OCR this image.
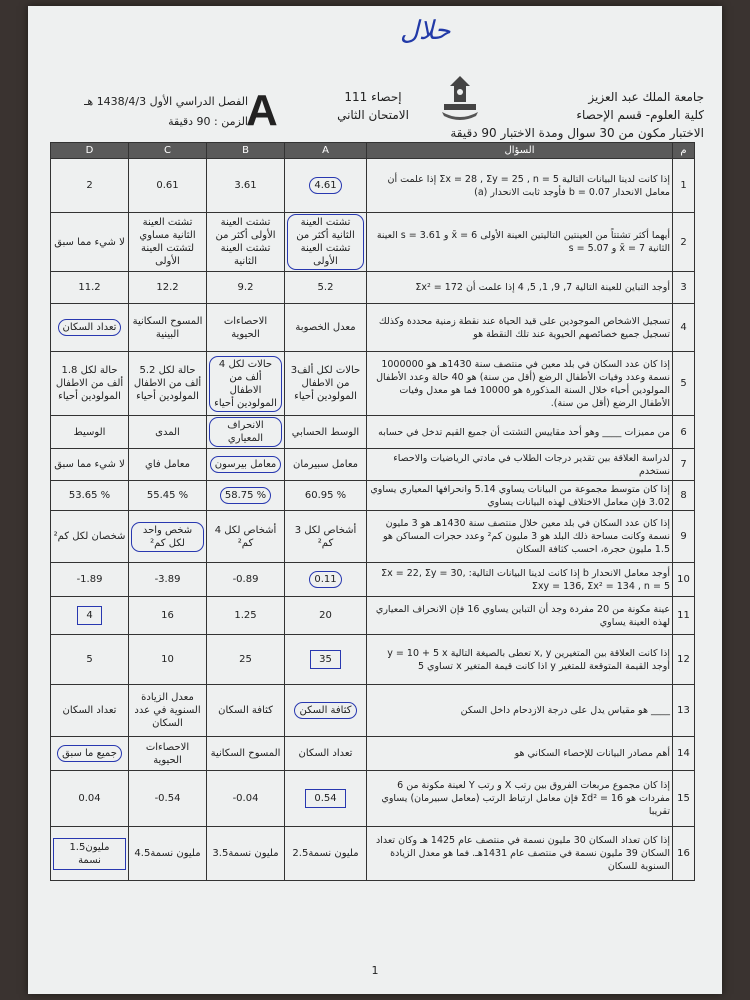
حلال
جامعة الملك عبد العزيز
كلية العلوم- قسم الإحصاء
الاختبار مكون من 30 سوال ومدة الاختبار 90 دقيقة
إحصاء 111
الامتحان الثاني
A
الفصل الدراسي الأول 1438/4/3 هـ
الزمن : 90 دقيقة
1
D	C	B	A	السؤال	م
2	0.61	3.61	4.61	إذا كانت لدينا البيانات التالية Σx = 28 , Σy = 25 , n = 5 إذا علمت أن معامل الانحدار b = 0.07 فأوجد ثابت الانحدار (a)	1
لا شيء مما سبق	تشتت العينة الثانية مساوي لتشتت العينة الأولى	تشتت العينة الأولى أكثر من تشتت العينة الثانية	تشتت العينة الثانية أكثر من تشتت العينة الأولى	أيهما أكثر تشتتاً من العينتين التاليتين العينة الأولى x̄ = 6 و s = 3.61 العينة الثانية x̄ = 7 و s = 5.07	2
11.2	12.2	9.2	5.2	أوجد التباين للعينة التالية 7, 9, 1, 5, 4 إذا علمت أن Σx² = 172	3
تعداد السكان	المسوح السكانية البينية	الاحصاءات الحيوية	معدل الخصوبة	تسجيل الاشخاص الموجودين على قيد الحياة عند نقطة زمنية محددة وكذلك تسجيل جميع خصائصهم الحيوية عند تلك النقطة هو	4
1.8 حالة لكل ألف من الاطفال المولودين أحياء	5.2 حالة لكل ألف من الاطفال المولودين أحياء	4 حالات لكل ألف من الاطفال المولودين أحياء	3حالات لكل ألف من الاطفال المولودين أحياء	إذا كان عدد السكان في بلد معين في منتصف سنة 1430هـ هو 1000000 نسمة وعدد وفيات الأطفال الرضع (أقل من سنة) هو 40 حالة وعدد الأطفال المولودين أحياء خلال السنة المذكورة هو 10000 فما هو معدل وفيات الأطفال الرضع (أقل من سنة).	5
الوسيط	المدى	الانحراف المعياري	الوسط الحسابي	من مميزات ____ وهو أحد مقاييس التشتت أن جميع القيم تدخل في حسابه	6
لا شيء مما سبق	معامل فاي	معامل بيرسون	معامل سبيرمان	لدراسة العلاقة بين تقدير درجات الطلاب في مادتي الرياضيات والاحصاء نستخدم	7
53.65 %	55.45 %	58.75 %	60.95 %	إذا كان متوسط مجموعة من البيانات يساوي 5.14 وانحرافها المعياري يساوي 3.02 فإن معامل الاختلاف لهذه البيانات يساوي	8
شخصان لكل كم²	شخص واحد لكل كم²	4 أشخاص لكل كم²	3 أشخاص لكل كم²	إذا كان عدد السكان في بلد معين خلال منتصف سنة 1430هـ هو 3 مليون نسمة وكانت مساحة ذلك البلد هو 3 مليون كم² وعدد حجرات المساكن هو 1.5 مليون حجرة، احسب كثافة السكان	9
-1.89	-3.89	-0.89	0.11	أوجد معامل الانحدار b إذا كانت لدينا البيانات التالية: Σx = 22, Σy = 30, Σxy = 136, Σx² = 134 , n = 5	10
4	16	1.25	20	عينة مكونة من 20 مفردة وجد أن التباين يساوي 16 فإن الانحراف المعياري لهذه العينة يساوي	11
5	10	25	35	إذا كانت العلاقة بين المتغيرين x, y تعطى بالصيغة التالية y = 10 + 5 x أوجد القيمة المتوقعة للمتغير y اذا كانت قيمة المتغير x تساوي 5	12
تعداد السكان	معدل الزيادة السنوية في عدد السكان	كثافة السكان	كثافة السكن	____ هو مقياس يدل على درجة الازدحام داخل السكن	13
جميع ما سبق	الاحصاءات الحيوية	المسوح السكانية	تعداد السكان	أهم مصادر البيانات للإحصاء السكاني هو	14
0.04	-0.54	-0.04	0.54	إذا كان مجموع مربعات الفروق بين رتب X و رتب Y لعينة مكونة من 6 مفردات هو Σd² = 16 فإن معامل ارتباط الرتب (معامل سبيرمان) يساوي تقريبا	15
1.5مليون نسمة	4.5مليون نسمة	3.5مليون نسمة	2.5مليون نسمة	إذا كان تعداد السكان 30 مليون نسمة في منتصف عام 1425 هـ وكان تعداد السكان 39 مليون نسمة في منتصف عام 1431هـ. فما هو معدل الزيادة السنوية للسكان	16
